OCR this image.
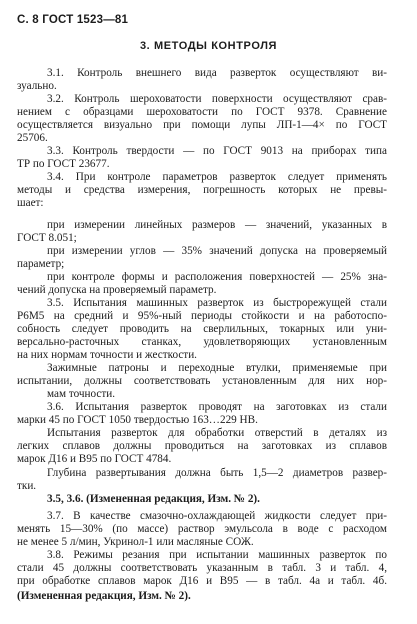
С. 8 ГОСТ 1523—81
3. МЕТОДЫ КОНТРОЛЯ
3.1. Контроль внешнего вида разверток осуществляют ви-
зуально.
3.2. Контроль шероховатости поверхности осуществляют срав-
нением с образцами шероховатости по ГОСТ 9378. Сравнение
осуществляется визуально при помощи лупы ЛП-1—4× по ГОСТ
25706.
3.3. Контроль твердости — по ГОСТ 9013 на приборах типа
ТР по ГОСТ 23677.
3.4. При контроле параметров разверток следует применять
методы и средства измерения, погрешность которых не превы-
шает:
при измерении линейных размеров — значений, указанных в
ГОСТ 8.051;
при измерении углов — 35% значений допуска на проверяемый
параметр;
при контроле формы и расположения поверхностей — 25% зна-
чений допуска на проверяемый параметр.
3.5. Испытания машинных разверток из быстрорежущей стали
Р6М5 на средний и 95%-ный периоды стойкости и на работоспо-
собность следует проводить на сверлильных, токарных или уни-
версально-расточных станках, удовлетворяющих установленным
на них нормам точности и жесткости.
Зажимные патроны и переходные втулки, применяемые при
испытании, должны соответствовать установленным для них нор-
мам точности.
3.6. Испытания разверток проводят на заготовках из стали
марки 45 по ГОСТ 1050 твердостью 163…229 НВ.
Испытания разверток для обработки отверстий в деталях из
легких сплавов должны проводиться на заготовках из сплавов
марок Д16 и В95 по ГОСТ 4784.
Глубина развертывания должна быть 1,5—2 диаметров развер-
тки.
3.5, 3.6. (Измененная редакция, Изм. № 2).
3.7. В качестве смазочно-охлаждающей жидкости следует при-
менять 15—30% (по массе) раствор эмульсола в воде с расходом
не менее 5 л/мин, Укринол-1 или масляные СОЖ.
3.8. Режимы резания при испытании машинных разверток по
стали 45 должны соответствовать указанным в табл. 3 и табл. 4,
при обработке сплавов марок Д16 и В95 — в табл. 4а и табл. 4б.
(Измененная редакция, Изм. № 2).
